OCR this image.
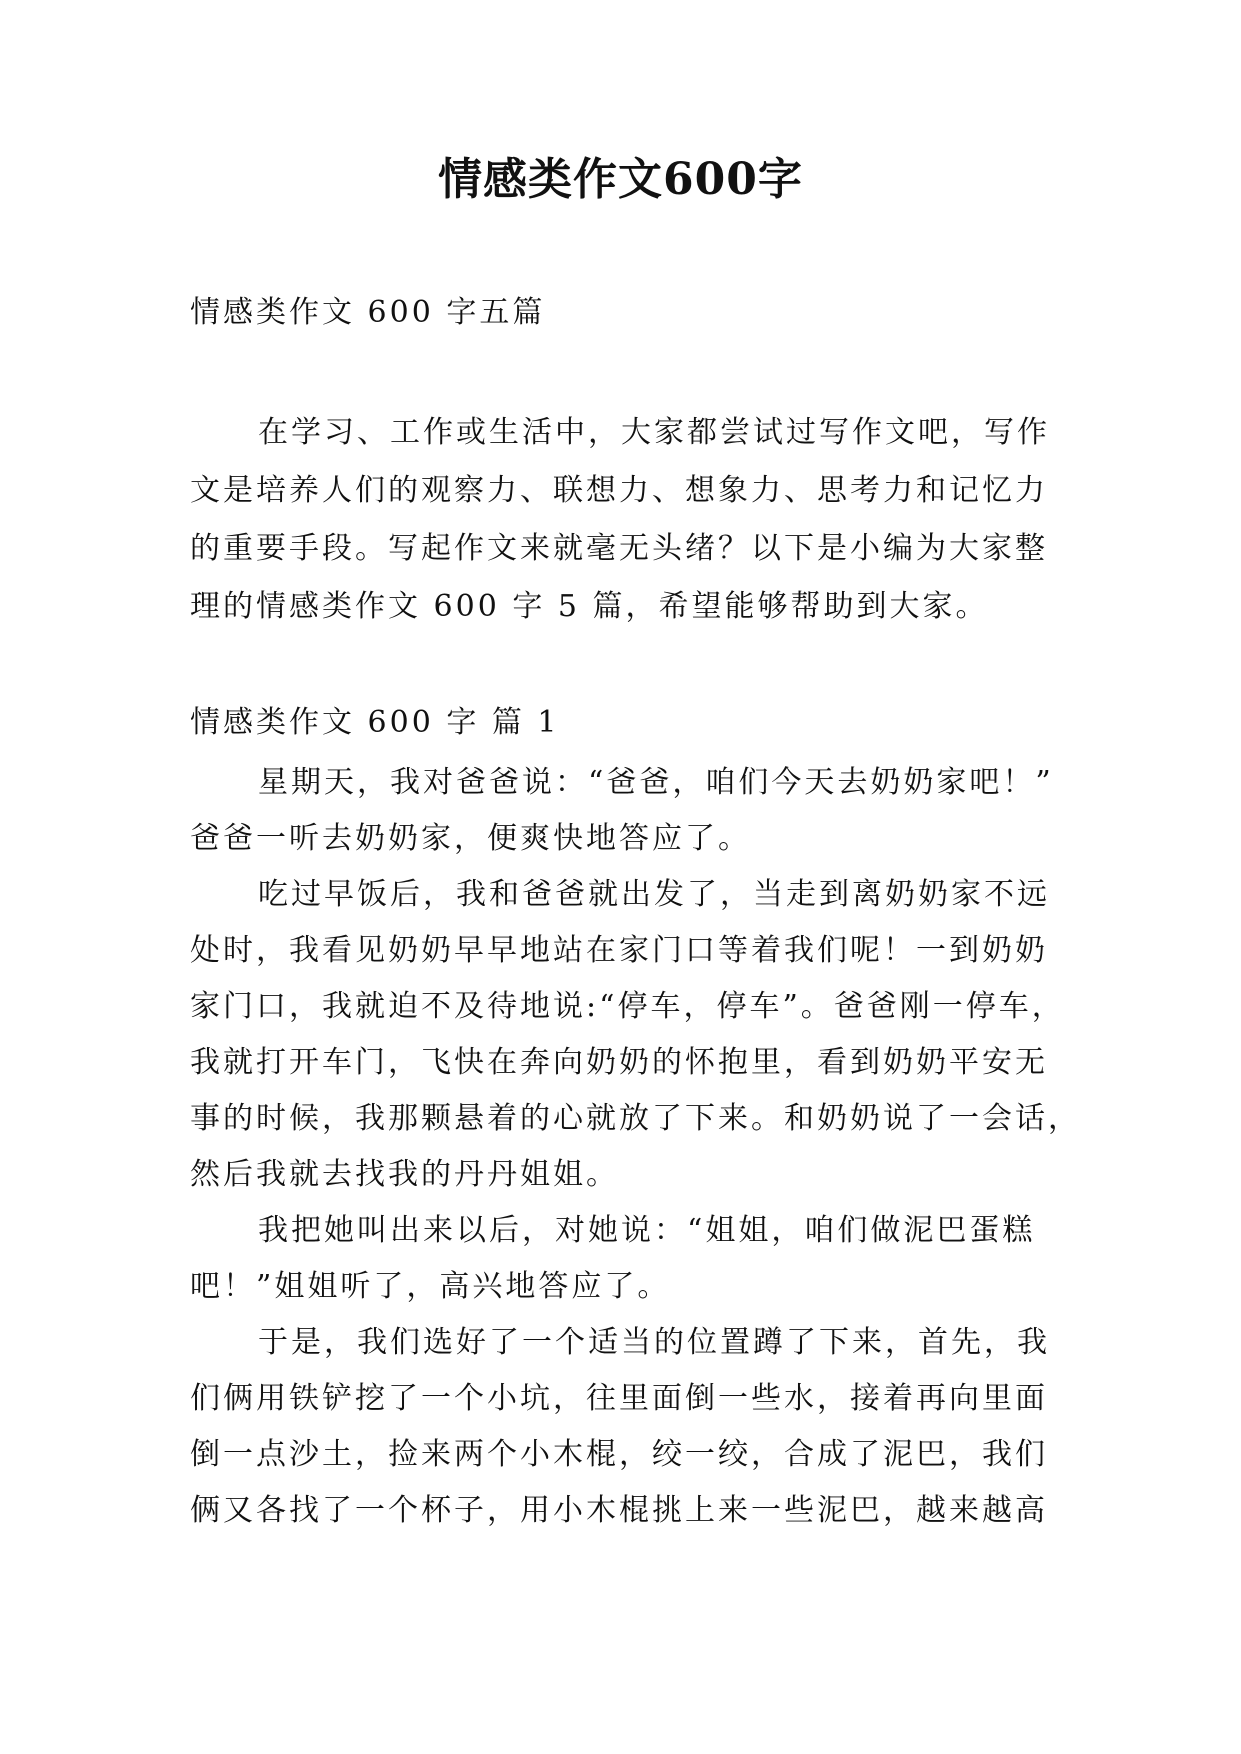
情感类作文600字
情感类作文 600 字五篇
在学习、工作或生活中，大家都尝试过写作文吧，写作
文是培养人们的观察力、联想力、想象力、思考力和记忆力
的重要手段。写起作文来就毫无头绪？以下是小编为大家整
理的情感类作文 600 字 5 篇，希望能够帮助到大家。
情感类作文 600 字 篇 1
星期天，我对爸爸说：“爸爸，咱们今天去奶奶家吧！”
爸爸一听去奶奶家，便爽快地答应了。
吃过早饭后，我和爸爸就出发了，当走到离奶奶家不远
处时，我看见奶奶早早地站在家门口等着我们呢！一到奶奶
家门口，我就迫不及待地说:“停车，停车”。爸爸刚一停车，
我就打开车门，飞快在奔向奶奶的怀抱里，看到奶奶平安无
事的时候，我那颗悬着的心就放了下来。和奶奶说了一会话，
然后我就去找我的丹丹姐姐。
我把她叫出来以后，对她说：“姐姐，咱们做泥巴蛋糕
吧！”姐姐听了，高兴地答应了。
于是，我们选好了一个适当的位置蹲了下来，首先，我
们俩用铁铲挖了一个小坑，往里面倒一些水，接着再向里面
倒一点沙土，捡来两个小木棍，绞一绞，合成了泥巴，我们
俩又各找了一个杯子，用小木棍挑上来一些泥巴，越来越高
